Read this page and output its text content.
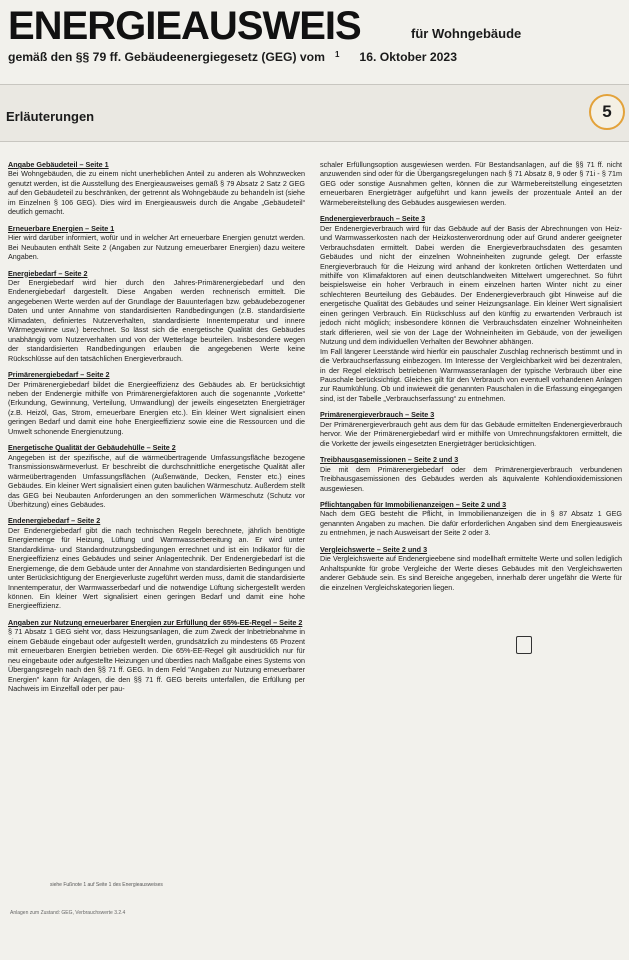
ENERGIEAUSWEIS	für Wohngebäude
gemäß den §§ 79 ff. Gebäudeenergiegesetz (GEG) vom $^1$ 16. Oktober 2023
Erläuterungen	5
Angabe Gebäudeteil – Seite 1
Bei Wohngebäuden, die zu einem nicht unerheblichen Anteil zu anderen als Wohnzwecken genutzt werden, ist die Ausstellung des Energieausweises gemäß § 79 Absatz 2 Satz 2 GEG auf den Gebäudeteil zu beschränken, der getrennt als Wohngebäude zu behandeln ist (siehe im Einzelnen § 106 GEG). Dies wird im Energieausweis durch die Angabe „Gebäudeteil“ deutlich gemacht.
Erneuerbare Energien – Seite 1
Hier wird darüber informiert, wofür und in welcher Art erneuerbare Energien genutzt werden. Bei Neubauten enthält Seite 2 (Angaben zur Nutzung erneuerbarer Energien) dazu weitere Angaben.
Energiebedarf – Seite 2
Der Energiebedarf wird hier durch den Jahres-Primärenergiebedarf und den Endenergiebedarf dargestellt. Diese Angaben werden rechnerisch ermittelt. Die angegebenen Werte werden auf der Grundlage der Bauunterlagen bzw. gebäudebezogener Daten und unter Annahme von standardisierten Randbedingungen (z.B. standardisierte Klimadaten, definiertes Nutzerverhalten, standardisierte Innentemperatur und innere Wärmegewinne usw.) berechnet. So lässt sich die energetische Qualität des Gebäudes unabhängig vom Nutzerverhalten und von der Wetterlage beurteilen. Insbesondere wegen der standardisierten Randbedingungen erlauben die angegebenen Werte keine Rückschlüsse auf den tatsächlichen Energieverbrauch.
Primärenergiebedarf – Seite 2
Der Primärenergiebedarf bildet die Energieeffizienz des Gebäudes ab. Er berücksichtigt neben der Endenergie mithilfe von Primärenergiefaktoren auch die sogenannte „Vorkette“ (Erkundung, Gewinnung, Verteilung, Umwandlung) der jeweils eingesetzten Energieträger (z.B. Heizöl, Gas, Strom, erneuerbare Energien etc.). Ein kleiner Wert signalisiert einen geringen Bedarf und damit eine hohe Energieeffizienz sowie eine die Ressourcen und die Umwelt schonende Energienutzung.
Energetische Qualität der Gebäudehülle – Seite 2
Angegeben ist der spezifische, auf die wärmeübertragende Umfassungsfläche bezogene Transmissionswärmeverlust. Er beschreibt die durchschnittliche energetische Qualität aller wärmeübertragenden Umfassungsflächen (Außenwände, Decken, Fenster etc.) eines Gebäudes. Ein kleiner Wert signalisiert einen guten baulichen Wärmeschutz. Außerdem stellt das GEG bei Neubauten Anforderungen an den sommerlichen Wärmeschutz (Schutz vor Überhitzung) eines Gebäudes.
Endenergiebedarf – Seite 2
Der Endenergiebedarf gibt die nach technischen Regeln berechnete, jährlich benötigte Energiemenge für Heizung, Lüftung und Warmwasserbereitung an. Er wird unter Standardklima- und Standardnutzungsbedingungen errechnet und ist ein Indikator für die Energieeffizienz eines Gebäudes und seiner Anlagentechnik. Der Endenergiebedarf ist die Energiemenge, die dem Gebäude unter der Annahme von standardisierten Bedingungen und unter Berücksichtigung der Energieverluste zugeführt werden muss, damit die standardisierte Innentemperatur, der Warmwasserbedarf und die notwendige Lüftung sichergestellt werden können. Ein kleiner Wert signalisiert einen geringen Bedarf und damit eine hohe Energieeffizienz.
Angaben zur Nutzung erneuerbarer Energien zur Erfüllung der 65%-EE-Regel – Seite 2
§ 71 Absatz 1 GEG sieht vor, dass Heizungsanlagen, die zum Zweck der Inbetriebnahme in einem Gebäude eingebaut oder aufgestellt werden, grundsätzlich zu mindestens 65 Prozent mit erneuerbaren Energien betrieben werden. Die 65%-EE-Regel gilt ausdrücklich nur für neu eingebaute oder aufgestellte Heizungen und überdies nach Maßgabe eines Systems von Übergangsregeln nach den §§ 71 ff. GEG. In dem Feld "Angaben zur Nutzung erneuerbarer Energien" kann für Anlagen, die den §§ 71 ff. GEG bereits unterfallen, die Erfüllung per Nachweis im Einzelfall oder per pau-
schaler Erfüllungsoption ausgewiesen werden. Für Bestandsanlagen, auf die §§ 71 ff. nicht anzuwenden sind oder für die Übergangsregelungen nach § 71 Absatz 8, 9 oder § 71i - § 71m GEG oder sonstige Ausnahmen gelten, können die zur Wärmebereitstellung eingesetzten erneuerbaren Energieträger aufgeführt und kann jeweils der prozentuale Anteil an der Wärmebereitstellung des Gebäudes ausgewiesen werden.
Endenergieverbrauch – Seite 3
Der Endenergieverbrauch wird für das Gebäude auf der Basis der Abrechnungen von Heiz- und Warmwasserkosten nach der Heizkostenverordnung oder auf Grund anderer geeigneter Verbrauchsdaten ermittelt. Dabei werden die Energieverbrauchsdaten des gesamten Gebäudes und nicht der einzelnen Wohneinheiten zugrunde gelegt. Der erfasste Energieverbrauch für die Heizung wird anhand der konkreten örtlichen Wetterdaten und mithilfe von Klimafaktoren auf einen deutschlandweiten Mittelwert umgerechnet. So führt beispielsweise ein hoher Verbrauch in einem einzelnen harten Winter nicht zu einer schlechteren Beurteilung des Gebäudes. Der Endenergieverbrauch gibt Hinweise auf die energetische Qualität des Gebäudes und seiner Heizungsanlage. Ein kleiner Wert signalisiert einen geringen Verbrauch. Ein Rückschluss auf den künftig zu erwartenden Verbrauch ist jedoch nicht möglich; insbesondere können die Verbrauchsdaten einzelner Wohneinheiten stark differieren, weil sie von der Lage der Wohneinheiten im Gebäude, von der jeweiligen Nutzung und dem individuellen Verhalten der Bewohner abhängen.
Im Fall längerer Leerstände wird hierfür ein pauschaler Zuschlag rechnerisch bestimmt und in die Verbrauchserfassung einbezogen. Im Interesse der Vergleichbarkeit wird bei dezentralen, in der Regel elektrisch betriebenen Warmwasseranlagen der typische Verbrauch über eine Pauschale berücksichtigt. Gleiches gilt für den Verbrauch von eventuell vorhandenen Anlagen zur Raumkühlung. Ob und inwieweit die genannten Pauschalen in die Erfassung eingegangen sind, ist der Tabelle „Verbrauchserfassung“ zu entnehmen.
Primärenergieverbrauch – Seite 3
Der Primärenergieverbrauch geht aus dem für das Gebäude ermittelten Endenergieverbrauch hervor. Wie der Primärenergiebedarf wird er mithilfe von Umrechnungsfaktoren ermittelt, die die Vorkette der jeweils eingesetzten Energieträger berücksichtigen.
Treibhausgasemissionen – Seite 2 und 3
Die mit dem Primärenergiebedarf oder dem Primärenergieverbrauch verbundenen Treibhausgasemissionen des Gebäudes werden als äquivalente Kohlendioxidemissionen ausgewiesen.
Pflichtangaben für Immobilienanzeigen – Seite 2 und 3
Nach dem GEG besteht die Pflicht, in Immobilienanzeigen die in § 87 Absatz 1 GEG genannten Angaben zu machen. Die dafür erforderlichen Angaben sind dem Energieausweis zu entnehmen, je nach Ausweisart der Seite 2 oder 3.
Vergleichswerte – Seite 2 und 3
Die Vergleichswerte auf Endenergieebene sind modellhaft ermittelte Werte und sollen lediglich Anhaltspunkte für grobe Vergleiche der Werte dieses Gebäudes mit den Vergleichswerten anderer Gebäude sein. Es sind Bereiche angegeben, innerhalb derer ungefähr die Werte für die einzelnen Vergleichskategorien liegen.
siehe Fußnote 1 auf Seite 1 des Energieausweises
Anlagen zum Zustand: GEG, Verbrauchswerte 3.2.4
